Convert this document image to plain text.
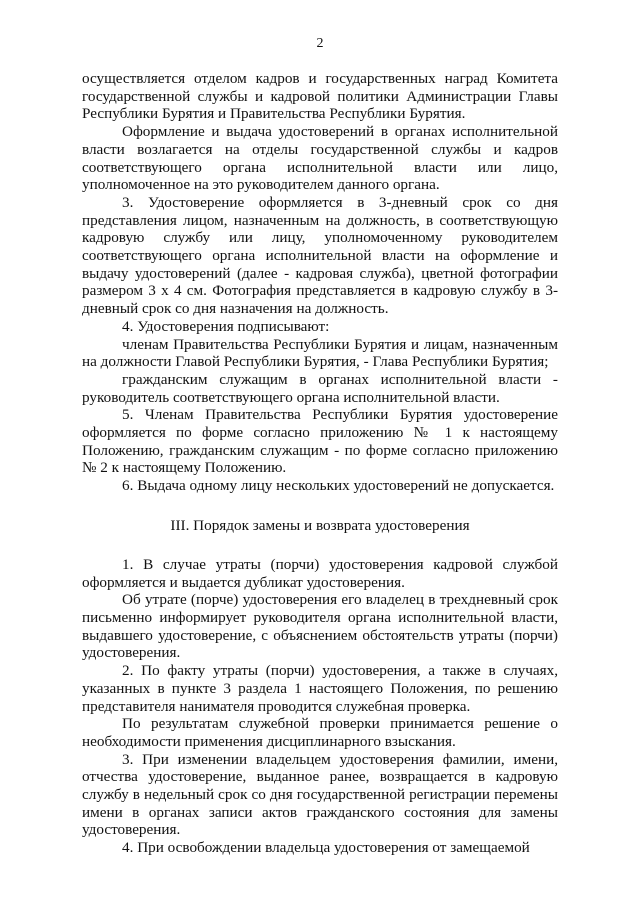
2

осуществляется отделом кадров и государственных наград Комитета государственной службы и кадровой политики Администрации Главы Республики Бурятия и Правительства Республики Бурятия.

Оформление и выдача удостоверений в органах исполнительной власти возлагается на отделы государственной службы и кадров соответствующего органа исполнительной власти или лицо, уполномоченное на это руководителем данного органа.

3. Удостоверение оформляется в 3-дневный срок со дня представления лицом, назначенным на должность, в соответствующую кадровую службу или лицу, уполномоченному руководителем соответствующего органа исполнительной власти на оформление и выдачу удостоверений (далее - кадровая служба), цветной фотографии размером 3 х 4 см. Фотография представляется в кадровую службу в 3-дневный срок со дня назначения на должность.

4. Удостоверения подписывают:

членам Правительства Республики Бурятия и лицам, назначенным на должности Главой Республики Бурятия, - Глава Республики Бурятия;

гражданским служащим в органах исполнительной власти - руководитель соответствующего органа исполнительной власти.

5. Членам Правительства Республики Бурятия удостоверение оформляется по форме согласно приложению № 1 к настоящему Положению, гражданским служащим - по форме согласно приложению № 2 к настоящему Положению.

6. Выдача одному лицу нескольких удостоверений не допускается.

III. Порядок замены и возврата удостоверения

1. В случае утраты (порчи) удостоверения кадровой службой оформляется и выдается дубликат удостоверения.

Об утрате (порче) удостоверения его владелец в трехдневный срок письменно информирует руководителя органа исполнительной власти, выдавшего удостоверение, с объяснением обстоятельств утраты (порчи) удостоверения.

2. По факту утраты (порчи) удостоверения, а также в случаях, указанных в пункте 3 раздела 1 настоящего Положения, по решению представителя нанимателя проводится служебная проверка.

По результатам служебной проверки принимается решение о необходимости применения дисциплинарного взыскания.

3. При изменении владельцем удостоверения фамилии, имени, отчества удостоверение, выданное ранее, возвращается в кадровую службу в недельный срок со дня государственной регистрации перемены имени в органах записи актов гражданского состояния для замены удостоверения.

4. При освобождении владельца удостоверения от замещаемой
